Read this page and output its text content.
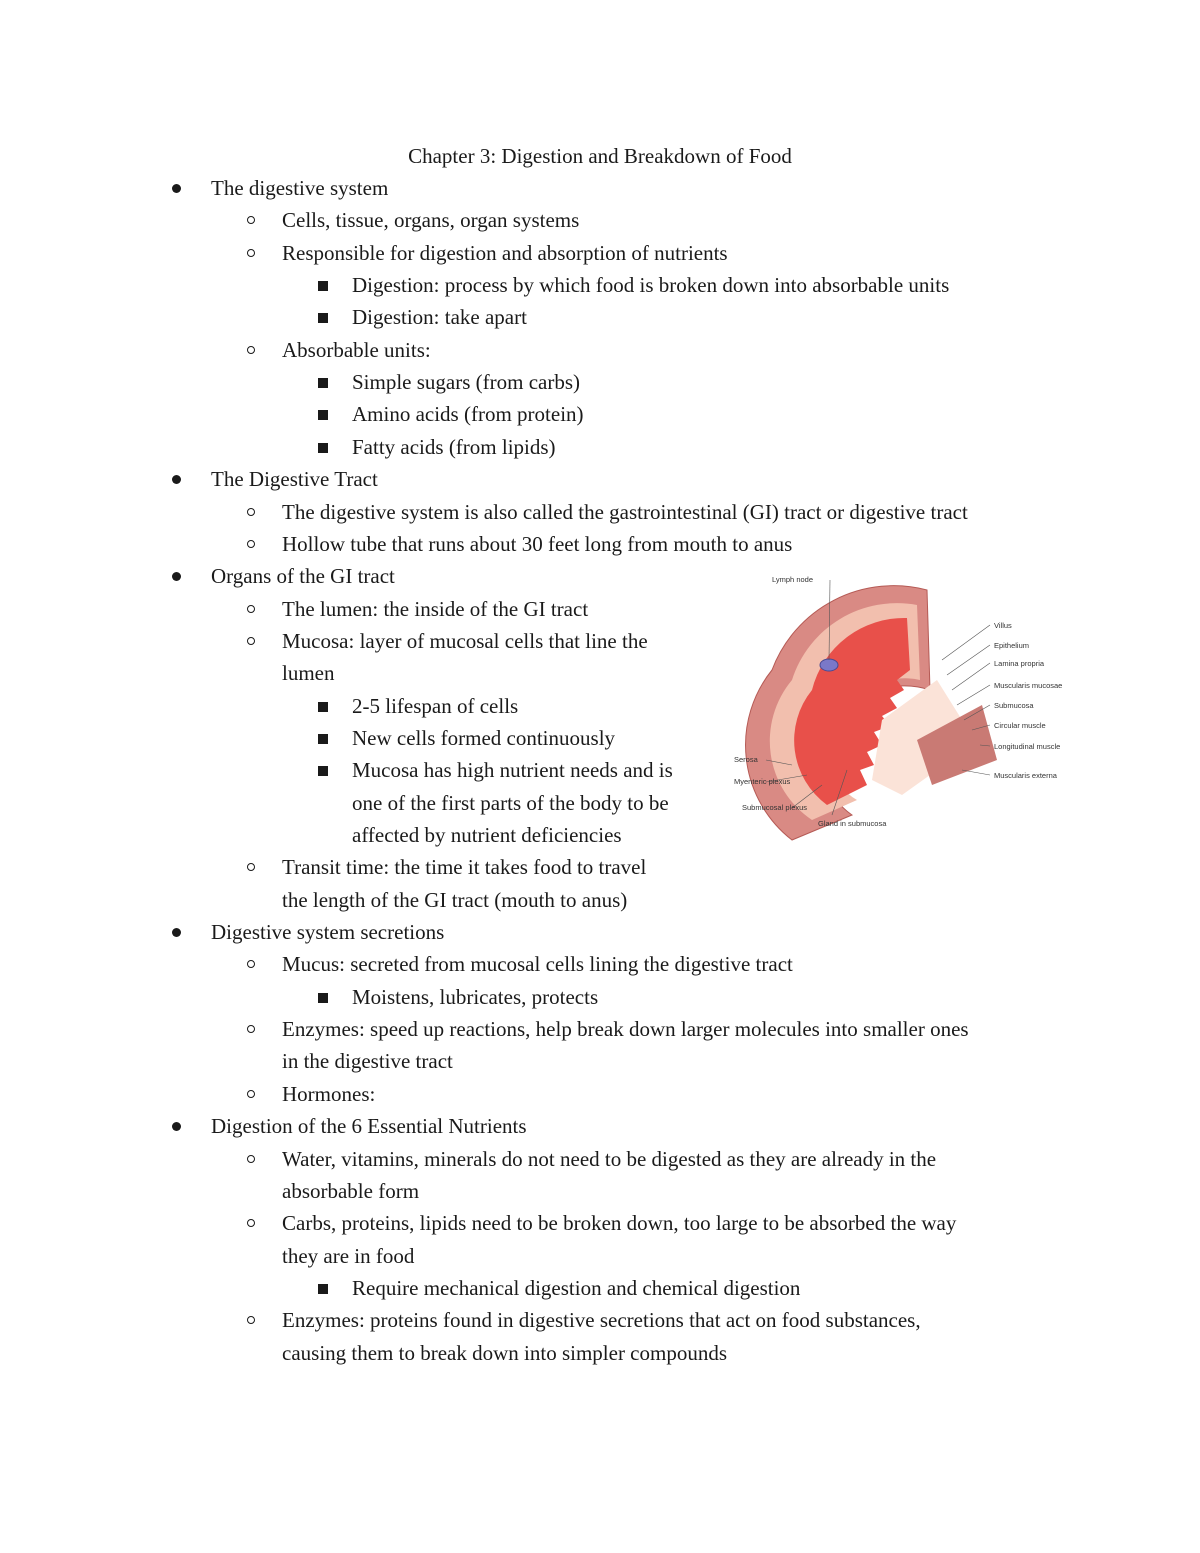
Chapter 3: Digestion and Breakdown of Food
The digestive system
Cells, tissue, organs, organ systems
Responsible for digestion and absorption of nutrients
Digestion: process by which food is broken down into absorbable units
Digestion: take apart
Absorbable units:
Simple sugars (from carbs)
Amino acids (from protein)
Fatty acids (from lipids)
The Digestive Tract
The digestive system is also called the gastrointestinal (GI) tract or digestive tract
Hollow tube that runs about 30 feet long from mouth to anus
Organs of the GI tract
The lumen: the inside of the GI tract
Mucosa: layer of mucosal cells that line the
lumen
2-5 lifespan of cells
New cells formed continuously
Mucosa has high nutrient needs and is
one of the first parts of the body to be
affected by nutrient deficiencies
Transit time: the time it takes food to travel
the length of the GI tract (mouth to anus)
Digestive system secretions
Mucus: secreted from mucosal cells lining the digestive tract
Moistens, lubricates, protects
Enzymes: speed up reactions, help break down larger molecules into smaller ones
in the digestive tract
Hormones:
Digestion of the 6 Essential Nutrients
Water, vitamins, minerals do not need to be digested as they are already in the
absorbable form
Carbs, proteins, lipids need to be broken down, too large to be absorbed the way
they are in food
Require mechanical digestion and chemical digestion
Enzymes: proteins found in digestive secretions that act on food substances,
causing them to break down into simpler compounds
Lymph node
Villus
Epithelium
Lamina propria
Muscularis mucosae
Submucosa
Circular muscle
Longitudinal muscle
Muscularis externa
Serosa
Myenteric plexus
Submucosal plexus
Gland in submucosa
